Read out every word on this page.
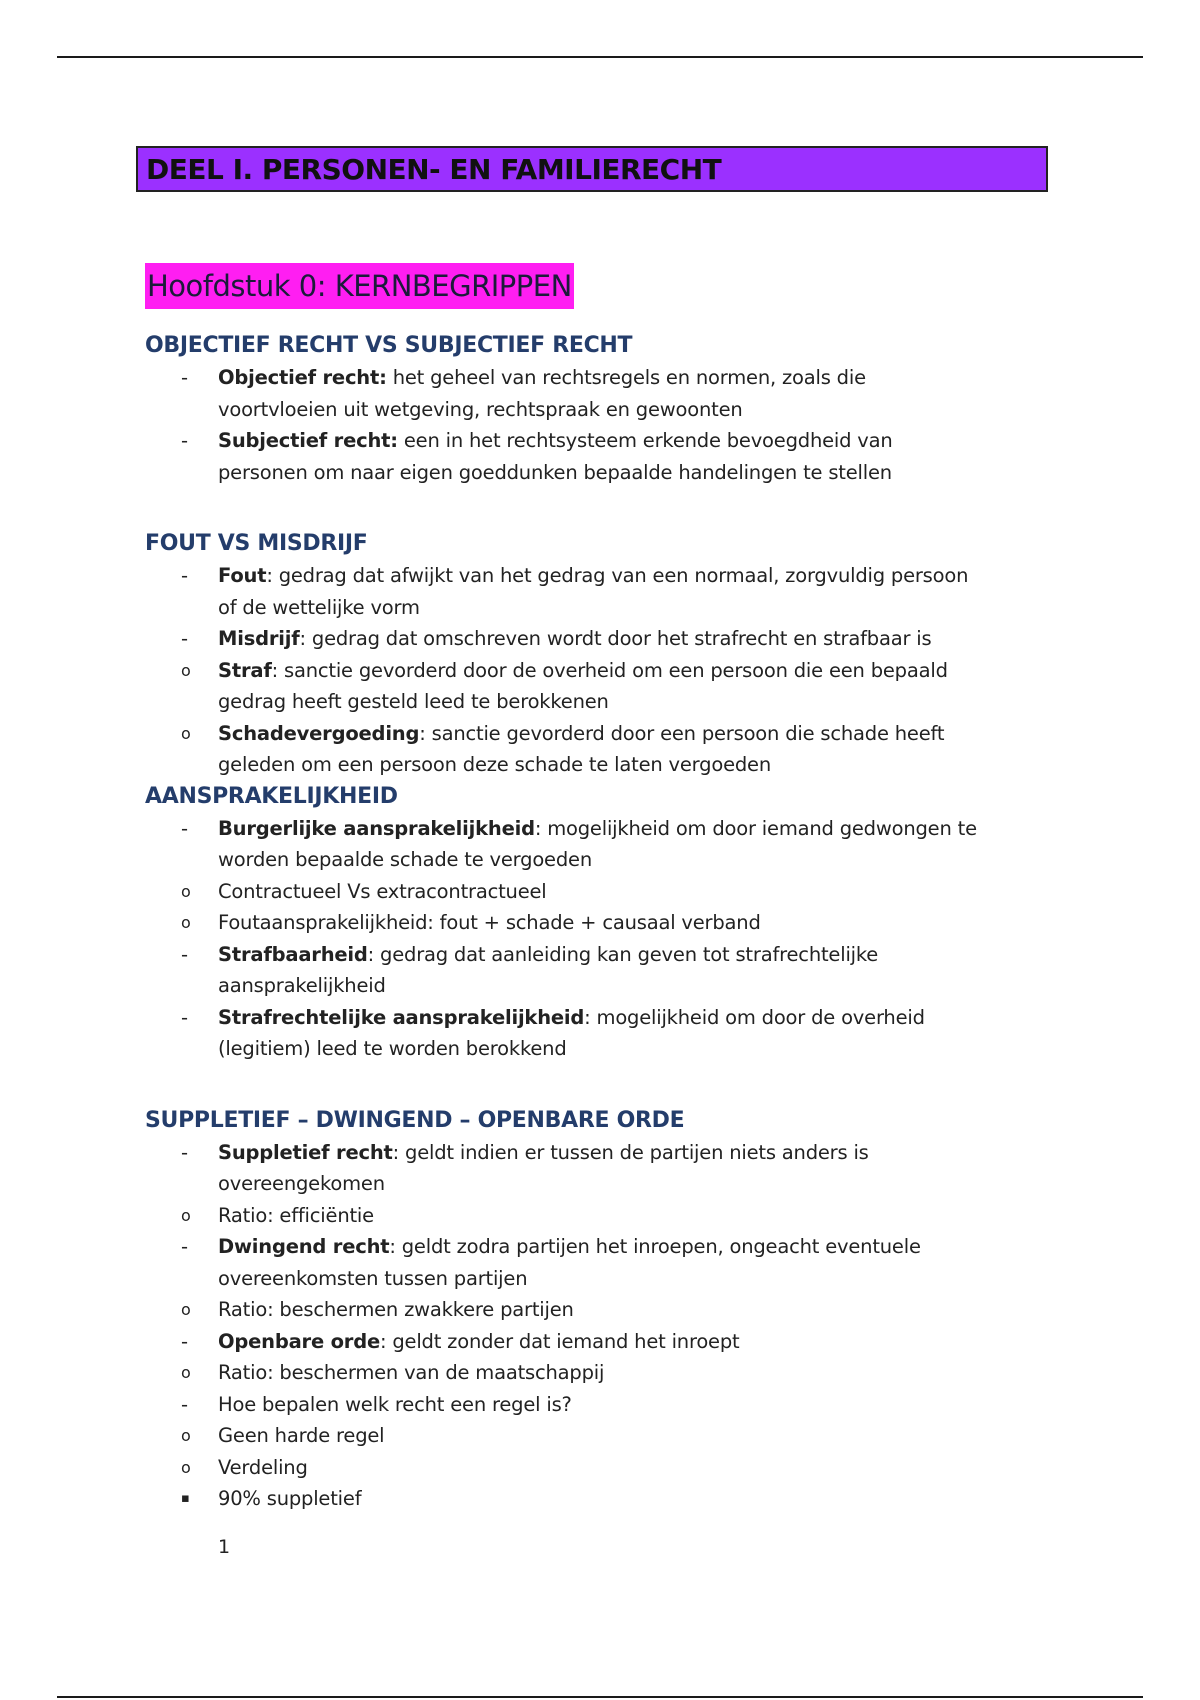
DEEL I. PERSONEN- EN FAMILIERECHT
Hoofdstuk 0: KERNBEGRIPPEN
OBJECTIEF RECHT VS SUBJECTIEF RECHT
-	Objectief recht: het geheel van rechtsregels en normen, zoals die voortvloeien uit wetgeving, rechtspraak en gewoonten
-	Subjectief recht: een in het rechtsysteem erkende bevoegdheid van personen om naar eigen goeddunken bepaalde handelingen te stellen
FOUT VS MISDRIJF
-	Fout: gedrag dat afwijkt van het gedrag van een normaal, zorgvuldig persoon of de wettelijke vorm
-	Misdrijf: gedrag dat omschreven wordt door het strafrecht en strafbaar is
o	Straf: sanctie gevorderd door de overheid om een persoon die een bepaald gedrag heeft gesteld leed te berokkenen
o	Schadevergoeding: sanctie gevorderd door een persoon die schade heeft geleden om een persoon deze schade te laten vergoeden
AANSPRAKELIJKHEID
-	Burgerlijke aansprakelijkheid: mogelijkheid om door iemand gedwongen te worden bepaalde schade te vergoeden
o	Contractueel Vs extracontractueel
o	Foutaansprakelijkheid: fout + schade + causaal verband
-	Strafbaarheid: gedrag dat aanleiding kan geven tot strafrechtelijke aansprakelijkheid
-	Strafrechtelijke aansprakelijkheid: mogelijkheid om door de overheid (legitiem) leed te worden berokkend
SUPPLETIEF – DWINGEND – OPENBARE ORDE
-	Suppletief recht: geldt indien er tussen de partijen niets anders is overeengekomen
o	Ratio: efficiëntie
-	Dwingend recht: geldt zodra partijen het inroepen, ongeacht eventuele overeenkomsten tussen partijen
o	Ratio: beschermen zwakkere partijen
-	Openbare orde: geldt zonder dat iemand het inroept
o	Ratio: beschermen van de maatschappij
-	Hoe bepalen welk recht een regel is?
o	Geen harde regel
o	Verdeling
▪	90% suppletief
1
